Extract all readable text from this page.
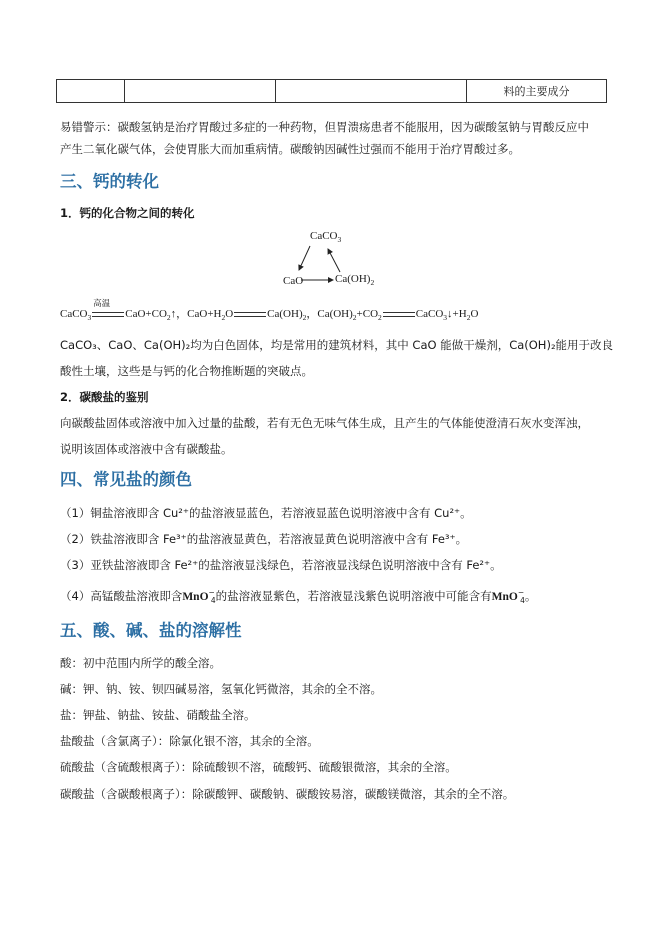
			料的主要成分
易错警示：碳酸氢钠是治疗胃酸过多症的一种药物，但胃溃疡患者不能服用，因为碳酸氢钠与胃酸反应中
产生二氧化碳气体，会使胃胀大而加重病情。碳酸钠因碱性过强而不能用于治疗胃酸过多。
三、钙的转化
1．钙的化合物之间的转化
CaCO$_3$
CaO	$Ca(OH)_2$
CaCO$_3$
高温
$CaO+CO_2↑$，$CaO+H_2O$	$Ca(OH)_2$，$Ca(OH)_2+CO_2$	$CaCO_3↓+H_2O$
CaCO₃、CaO、Ca(OH)₂均为白色固体，均是常用的建筑材料，其中 CaO 能做干燥剂，Ca(OH)₂能用于改良
酸性土壤，这些是与钙的化合物推断题的突破点。
2．碳酸盐的鉴别
向碳酸盐固体或溶液中加入过量的盐酸，若有无色无味气体生成，且产生的气体能使澄清石灰水变浑浊，
说明该固体或溶液中含有碳酸盐。
四、常见盐的颜色
（1）铜盐溶液即含 Cu²⁺的盐溶液显蓝色，若溶液显蓝色说明溶液中含有 Cu²⁺。
（2）铁盐溶液即含 Fe³⁺的盐溶液显黄色，若溶液显黄色说明溶液中含有 Fe³⁺。
（3）亚铁盐溶液即含 Fe²⁺的盐溶液显浅绿色，若溶液显浅绿色说明溶液中含有 Fe²⁺。
（4）高锰酸盐溶液即含MnO−$_4$的盐溶液显紫色，若溶液显浅紫色说明溶液中可能含有MnO−$_4$。
五、酸、碱、盐的溶解性
酸：初中范围内所学的酸全溶。
碱：钾、钠、铵、钡四碱易溶，氢氧化钙微溶，其余的全不溶。
盐：钾盐、钠盐、铵盐、硝酸盐全溶。
盐酸盐（含氯离子）：除氯化银不溶，其余的全溶。
硫酸盐（含硫酸根离子）：除硫酸钡不溶，硫酸钙、硫酸银微溶，其余的全溶。
碳酸盐（含碳酸根离子）：除碳酸钾、碳酸钠、碳酸铵易溶，碳酸镁微溶，其余的全不溶。
